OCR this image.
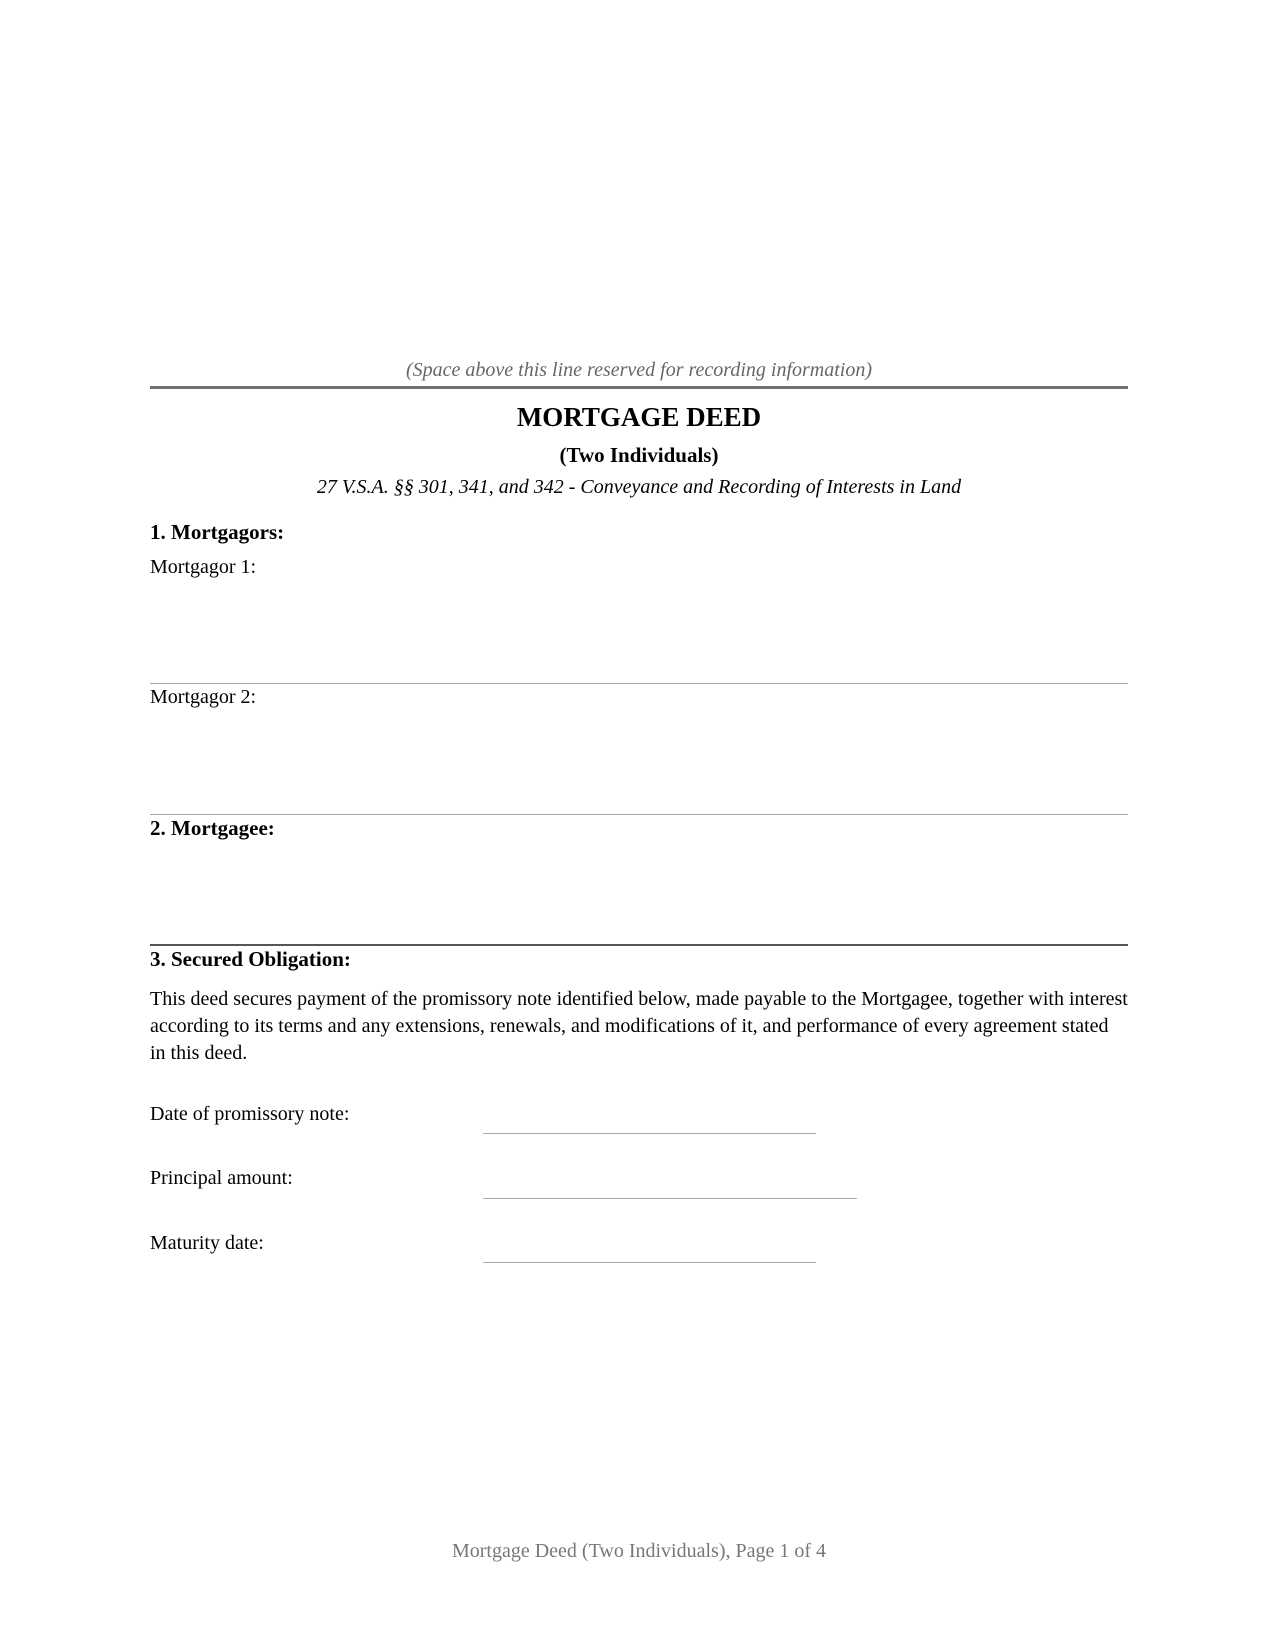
(Space above this line reserved for recording information)
MORTGAGE DEED
(Two Individuals)
27 V.S.A. §§ 301, 341, and 342 - Conveyance and Recording of Interests in Land
1. Mortgagors:
Mortgagor 1:
Mortgagor 2:
2. Mortgagee:
3. Secured Obligation:
This deed secures payment of the promissory note identified below, made payable to the Mortgagee, together with interest according to its terms and any extensions, renewals, and modifications of it, and performance of every agreement stated in this deed.
Date of promissory note:
Principal amount:
Maturity date:
Mortgage Deed (Two Individuals), Page 1 of 4
